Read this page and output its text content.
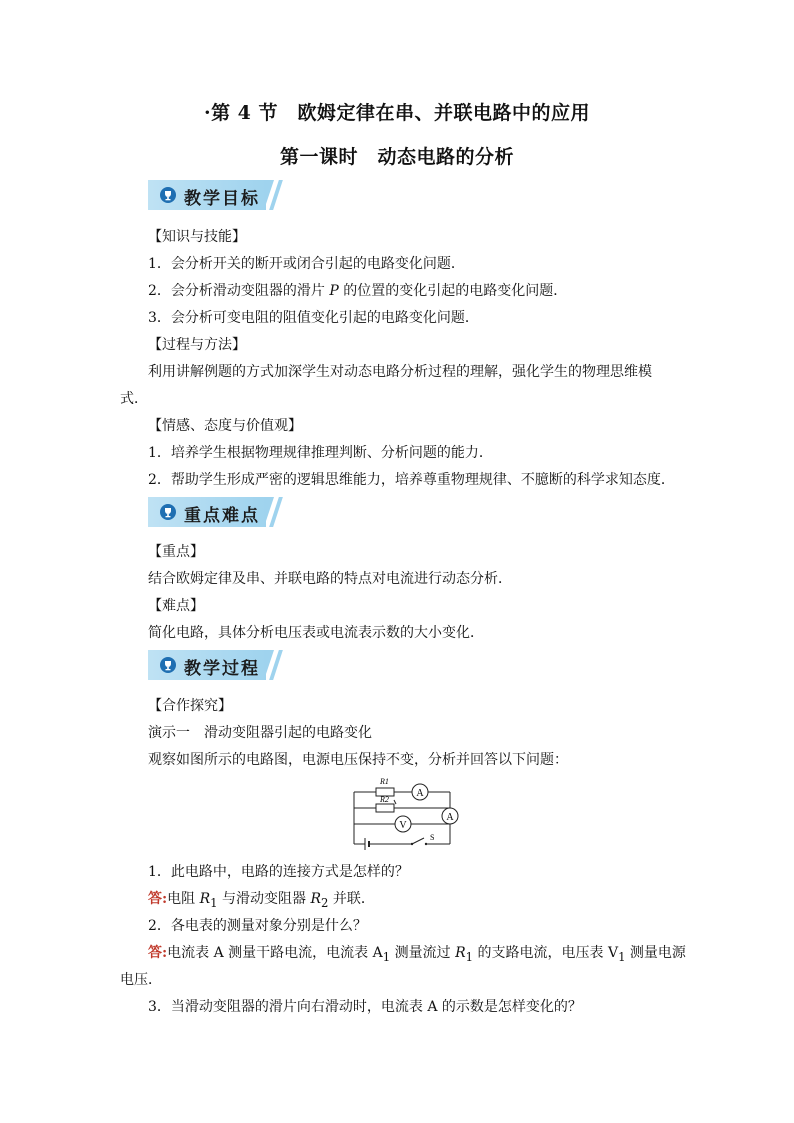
·第 4 节　欧姆定律在串、并联电路中的应用
第一课时　动态电路的分析
教学目标
【知识与技能】
1．会分析开关的断开或闭合引起的电路变化问题．
2．会分析滑动变阻器的滑片 P 的位置的变化引起的电路变化问题．
3．会分析可变电阻的阻值变化引起的电路变化问题．
【过程与方法】
利用讲解例题的方式加深学生对动态电路分析过程的理解，强化学生的物理思维模
式．
【情感、态度与价值观】
1．培养学生根据物理规律推理判断、分析问题的能力．
2．帮助学生形成严密的逻辑思维能力，培养尊重物理规律、不臆断的科学求知态度．
重点难点
【重点】
结合欧姆定律及串、并联电路的特点对电流进行动态分析．
【难点】
简化电路，具体分析电压表或电流表示数的大小变化．
教学过程
【合作探究】
演示一　滑动变阻器引起的电路变化
观察如图所示的电路图，电源电压保持不变，分析并回答以下问题：
A
V
A
R1
R2
S
1．此电路中，电路的连接方式是怎样的？
答:电阻 $R_1$ 与滑动变阻器 $R_2$ 并联．
2．各电表的测量对象分别是什么？
答:电流表 A 测量干路电流，电流表 $A_1$ 测量流过 $R_1$ 的支路电流，电压表 $V_1$ 测量电源
电压．
3．当滑动变阻器的滑片向右滑动时，电流表 A 的示数是怎样变化的？
